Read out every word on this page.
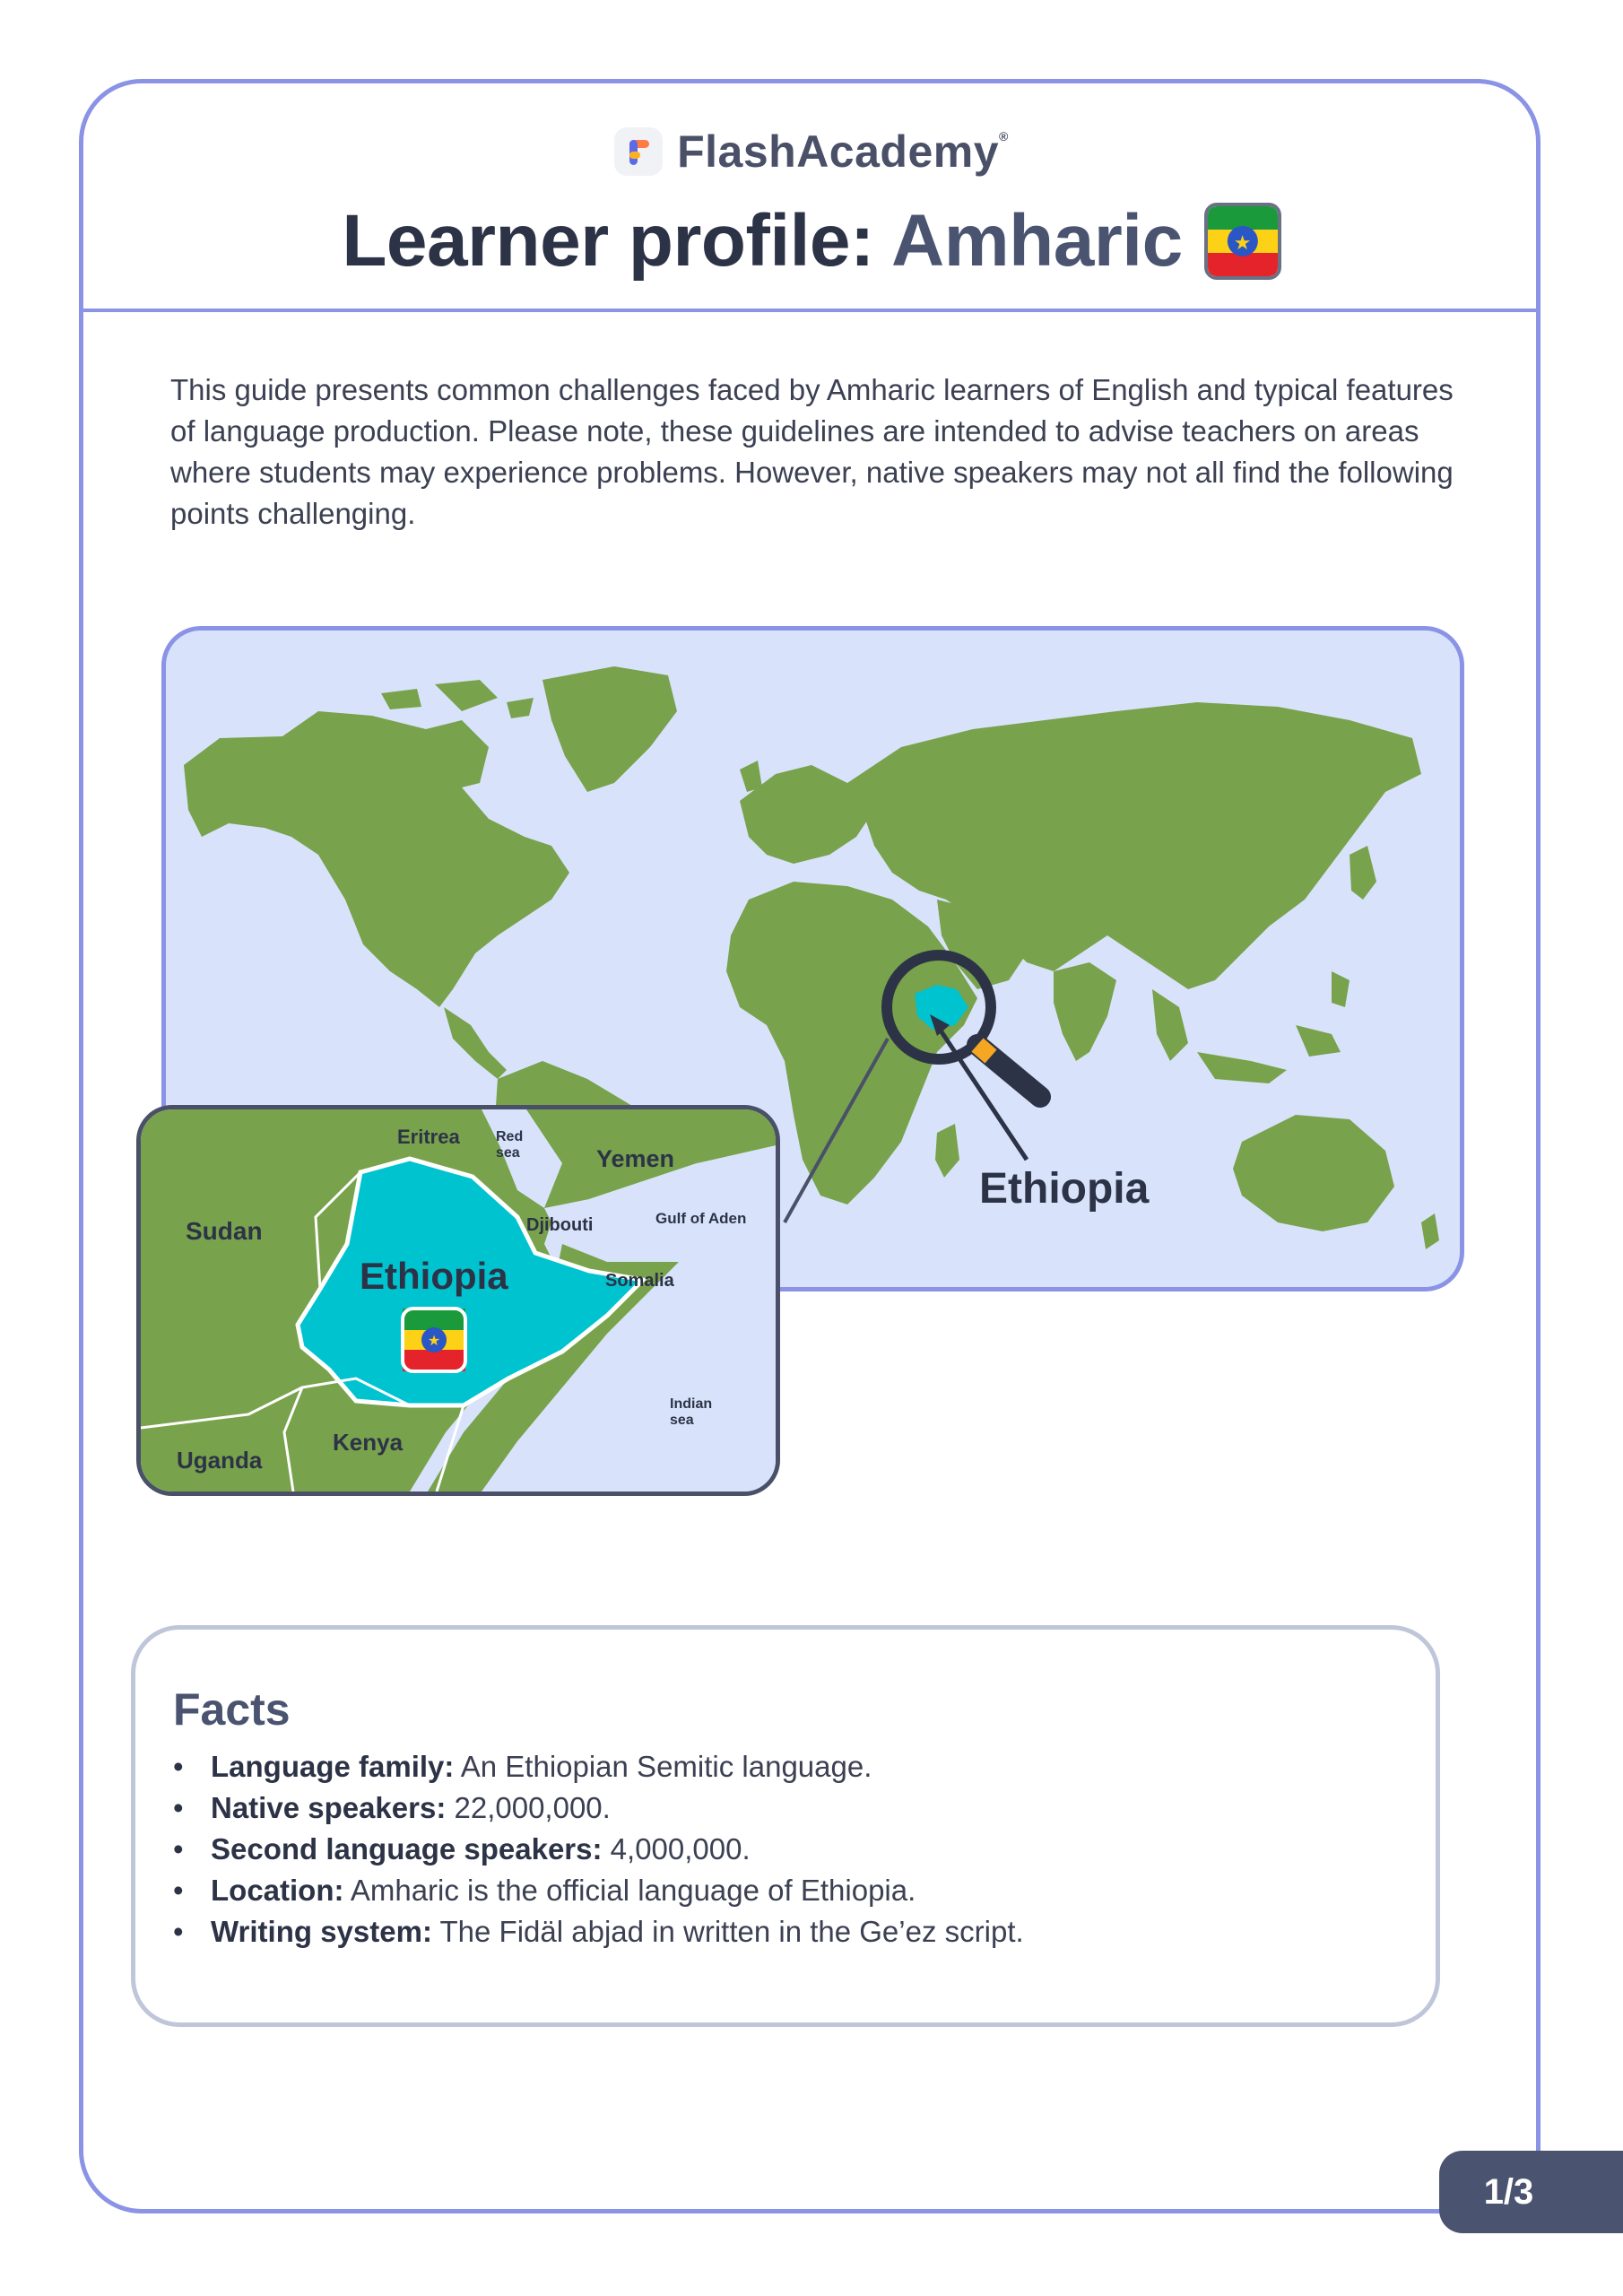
FlashAcademy®
Learner profile: Amharic
★

This guide presents common challenges faced by Amharic learners of English and typical features of language production. Please note, these guidelines are intended to advise teachers on areas where students may experience problems. However, native speakers may not all find the following points challenging.

Ethiopia
★
Eritrea	Red
sea	Yemen
Sudan	Djibouti	Gulf of Aden
Ethiopia	Somalia
Indian
sea
Kenya
Uganda
Facts
• Language family: An Ethiopian Semitic language.
• Native speakers: 22,000,000.
• Second language speakers: 4,000,000.
• Location: Amharic is the official language of Ethiopia.
• Writing system: The Fidäl abjad in written in the Ge’ez script.
1/3
